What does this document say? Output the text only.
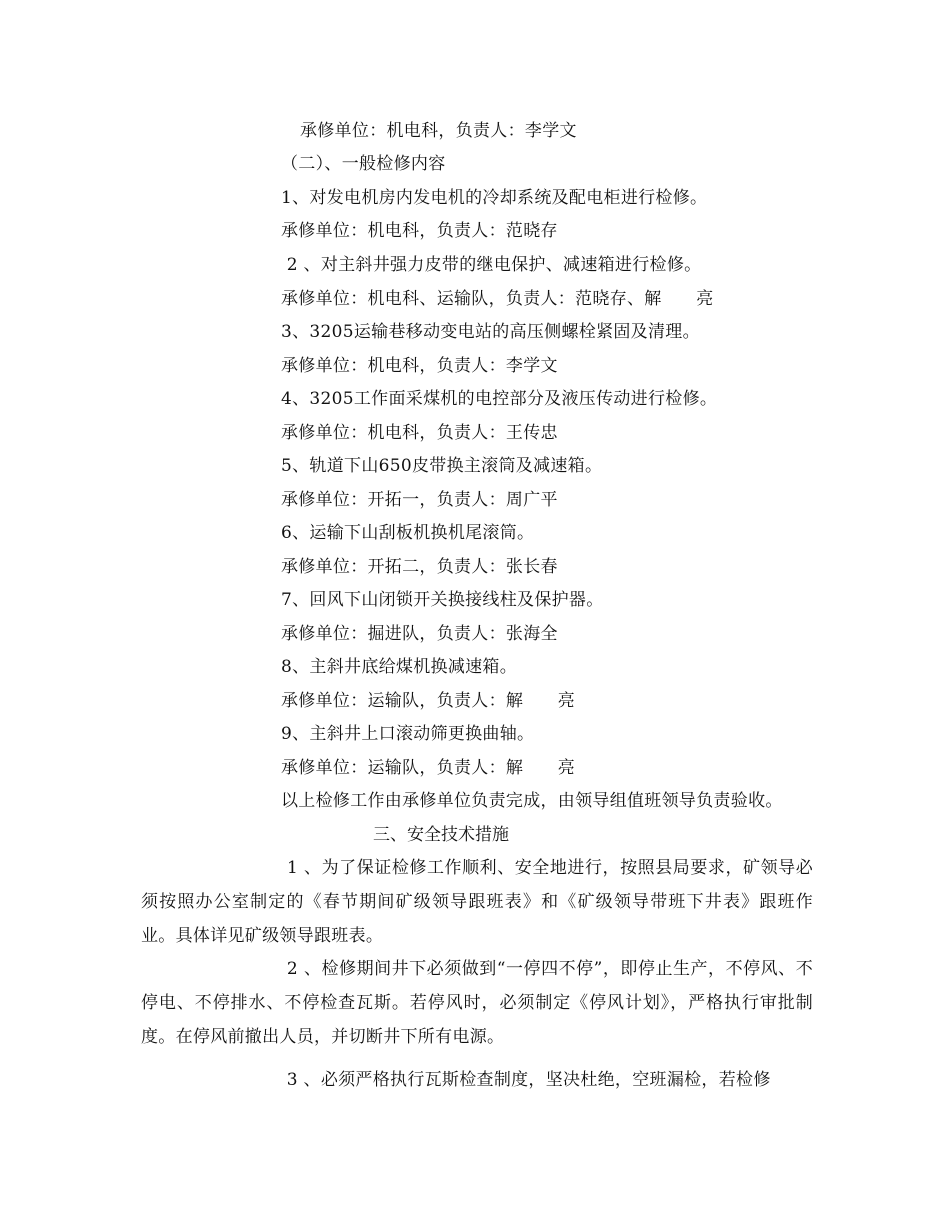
承修单位：机电科，负责人：李学文
（二）、一般检修内容
1、对发电机房内发电机的冷却系统及配电柜进行检修。
承修单位：机电科，负责人：范晓存
2 、对主斜井强力皮带的继电保护、减速箱进行检修。
承修单位：机电科、运输队，负责人：范晓存、解　　亮
3、3205运输巷移动变电站的高压侧螺栓紧固及清理。
承修单位：机电科，负责人：李学文
4、3205工作面采煤机的电控部分及液压传动进行检修。
承修单位：机电科，负责人：王传忠
5、轨道下山650皮带换主滚筒及减速箱。
承修单位：开拓一，负责人：周广平
6、运输下山刮板机换机尾滚筒。
承修单位：开拓二，负责人：张长春
7、回风下山闭锁开关换接线柱及保护器。
承修单位：掘进队，负责人：张海全
8、主斜井底给煤机换减速箱。
承修单位：运输队，负责人：解　　亮
9、主斜井上口滚动筛更换曲轴。
承修单位：运输队，负责人：解　　亮
以上检修工作由承修单位负责完成，由领导组值班领导负责验收。
三、安全技术措施
1 、为了保证检修工作顺利、安全地进行，按照县局要求，矿领导必须按照办公室制定的《春节期间矿级领导跟班表》和《矿级领导带班下井表》跟班作业。具体详见矿级领导跟班表。
2 、检修期间井下必须做到“一停四不停”，即停止生产，不停风、不停电、不停排水、不停检查瓦斯。若停风时，必须制定《停风计划》，严格执行审批制度。在停风前撤出人员，并切断井下所有电源。
3 、必须严格执行瓦斯检查制度，坚决杜绝，空班漏检，若检修
